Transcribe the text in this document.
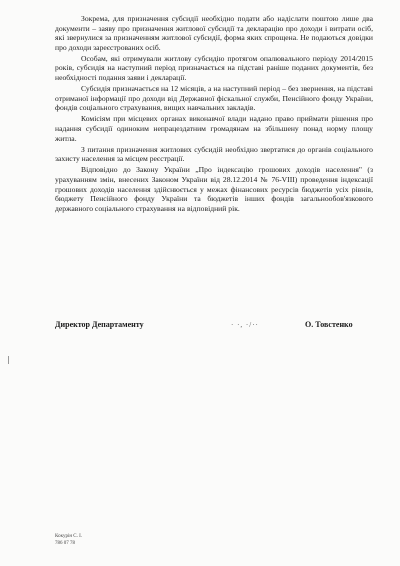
Зокрема, для призначення субсидії необхідно подати або надіслати поштою лише два документи – заяву про призначення житлової субсидії та декларацію про доходи і витрати осіб, які звернулися за призначенням житлової субсидії, форма яких спрощена. Не подаються довідки про доходи зареєстрованих осіб.

Особам, які отримували житлову субсидію протягом опалювального періоду 2014/2015 років, субсидія на наступний період призначається на підставі раніше поданих документів, без необхідності подання заяви і декларації.

Субсидія призначається на 12 місяців, а на наступний період – без звернення, на підставі отриманої інформації про доходи від Державної фіскальної служби, Пенсійного фонду України, фондів соціального страхування, вищих навчальних закладів.

Комісіям при місцевих органах виконавчої влади надано право приймати рішення про надання субсидії одиноким непрацездатним громадянам на збільшену понад норму площу житла.

З питання призначення житлових субсидій необхідно звертатися до органів соціального захисту населення за місцем реєстрації.

Відповідно до Закону України „Про індексацію грошових доходів населення" (з урахуванням змін, внесених Законом України від 28.12.2014 № 76-VIII) проведення індексації грошових доходів населення здійснюється у межах фінансових ресурсів бюджетів усіх рівнів, бюджету Пенсійного фонду України та бюджетів інших фондів загальнообов'язкового державного соціального страхування на відповідний рік.

Директор Департаменту	· ·, ·/··	О. Товстенко
Кокурін С. І.
786 07 78
